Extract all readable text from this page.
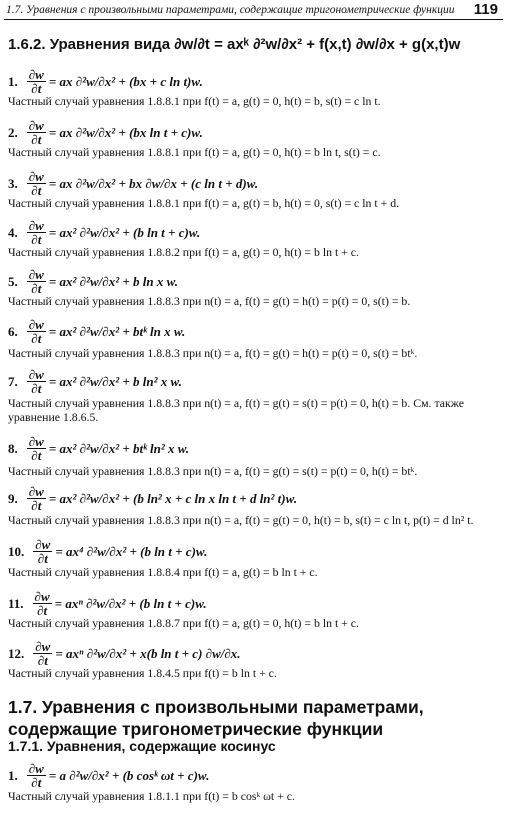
1.7. Уравнения с произвольными параметрами, содержащие тригонометрические функции 119
1.6.2. Уравнения вида ∂w/∂t = axᵏ ∂²w/∂x² + f(x,t) ∂w/∂x + g(x,t)w
1. $\frac{\partial w}{\partial t}$ = ax ∂²w/∂x² + (bx + c ln t)w.
Частный случай уравнения 1.8.8.1 при f(t) = a, g(t) = 0, h(t) = b, s(t) = c ln t.
2. $\frac{\partial w}{\partial t}$ = ax ∂²w/∂x² + (bx ln t + c)w.
Частный случай уравнения 1.8.8.1 при f(t) = a, g(t) = 0, h(t) = b ln t, s(t) = c.
3. $\frac{\partial w}{\partial t}$ = ax ∂²w/∂x² + bx ∂w/∂x + (c ln t + d)w.
Частный случай уравнения 1.8.8.1 при f(t) = a, g(t) = b, h(t) = 0, s(t) = c ln t + d.
4. $\frac{\partial w}{\partial t} = ax^2$ ∂²w/∂x² + (b ln t + c)w.
Частный случай уравнения 1.8.8.2 при f(t) = a, g(t) = 0, h(t) = b ln t + c.
5. $\frac{\partial w}{\partial t} = ax^2$ ∂²w/∂x² + b ln x w.
Частный случай уравнения 1.8.8.3 при n(t) = a, f(t) = g(t) = h(t) = p(t) = 0, s(t) = b.
6. $\frac{\partial w}{\partial t} = ax^2$ ∂²w/∂x² + btᵏ ln x w.
Частный случай уравнения 1.8.8.3 при n(t) = a, f(t) = g(t) = h(t) = p(t) = 0, s(t) = btᵏ.
7. $\frac{\partial w}{\partial t} = ax^2$ ∂²w/∂x² + b ln² x w.
Частный случай уравнения 1.8.8.3 при n(t) = a, f(t) = g(t) = s(t) = p(t) = 0, h(t) = b. См. также уравнение 1.8.6.5.
8. $\frac{\partial w}{\partial t} = ax^2$ ∂²w/∂x² + btᵏ ln² x w.
Частный случай уравнения 1.8.8.3 при n(t) = a, f(t) = g(t) = s(t) = p(t) = 0, h(t) = btᵏ.
9. $\frac{\partial w}{\partial t} = ax^2$ ∂²w/∂x² + (b ln² x + c ln x ln t + d ln² t)w.
Частный случай уравнения 1.8.8.3 при n(t) = a, f(t) = g(t) = 0, h(t) = b, s(t) = c ln t, p(t) = d ln² t.
10. $\frac{\partial w}{\partial t} = ax^4$ ∂²w/∂x² + (b ln t + c)w.
Частный случай уравнения 1.8.8.4 при f(t) = a, g(t) = b ln t + c.
11. $\frac{\partial w}{\partial t} = ax^n$ ∂²w/∂x² + (b ln t + c)w.
Частный случай уравнения 1.8.8.7 при f(t) = a, g(t) = 0, h(t) = b ln t + c.
12. $\frac{\partial w}{\partial t} = ax^n$ ∂²w/∂x² + x(b ln t + c) ∂w/∂x.
Частный случай уравнения 1.8.4.5 при f(t) = b ln t + c.
1.7. Уравнения с произвольными параметрами, содержащие тригонометрические функции
1.7.1. Уравнения, содержащие косинус
1. $\frac{\partial w}{\partial t} = a$ ∂²w/∂x² + (b cosᵏ ωt + c)w.
Частный случай уравнения 1.8.1.1 при f(t) = b cosᵏ ωt + c.
